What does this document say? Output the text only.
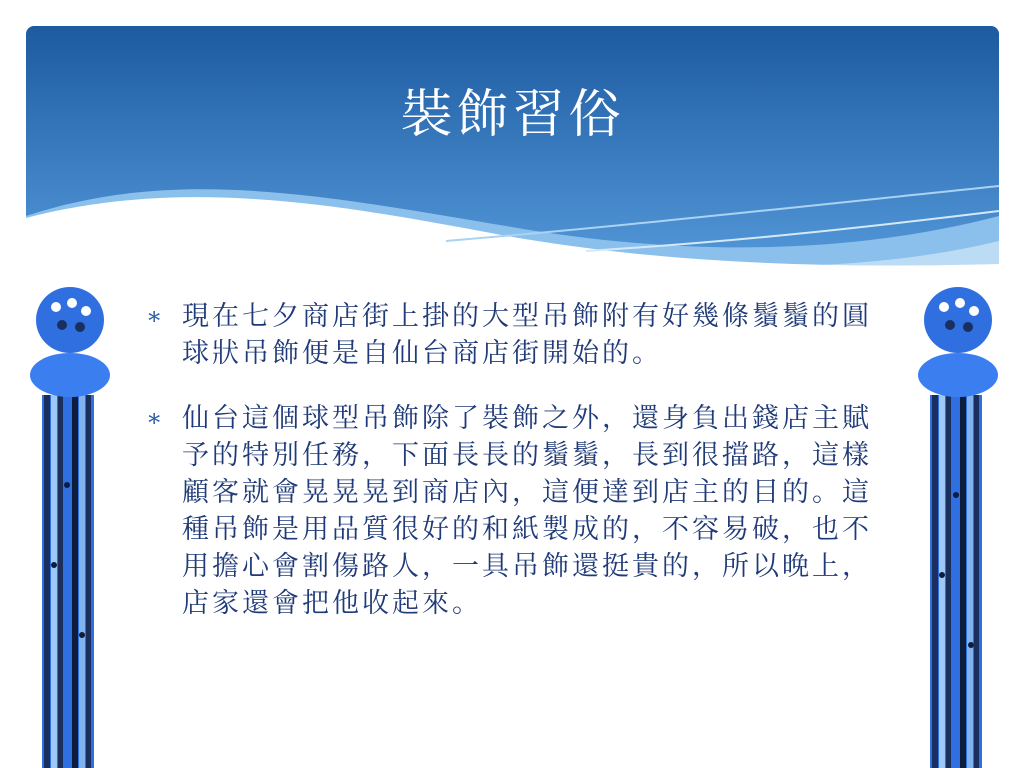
裝飾習俗
∗ 現在七夕商店街上掛的大型吊飾附有好幾條鬚鬚的圓球狀吊飾便是自仙台商店街開始的。
∗ 仙台這個球型吊飾除了裝飾之外，還身負出錢店主賦予的特別任務，下面長長的鬚鬚，長到很擋路，這樣顧客就會晃晃晃到商店內，這便達到店主的目的。這種吊飾是用品質很好的和紙製成的，不容易破，也不用擔心會割傷路人，一具吊飾還挺貴的，所以晚上，店家還會把他收起來。
